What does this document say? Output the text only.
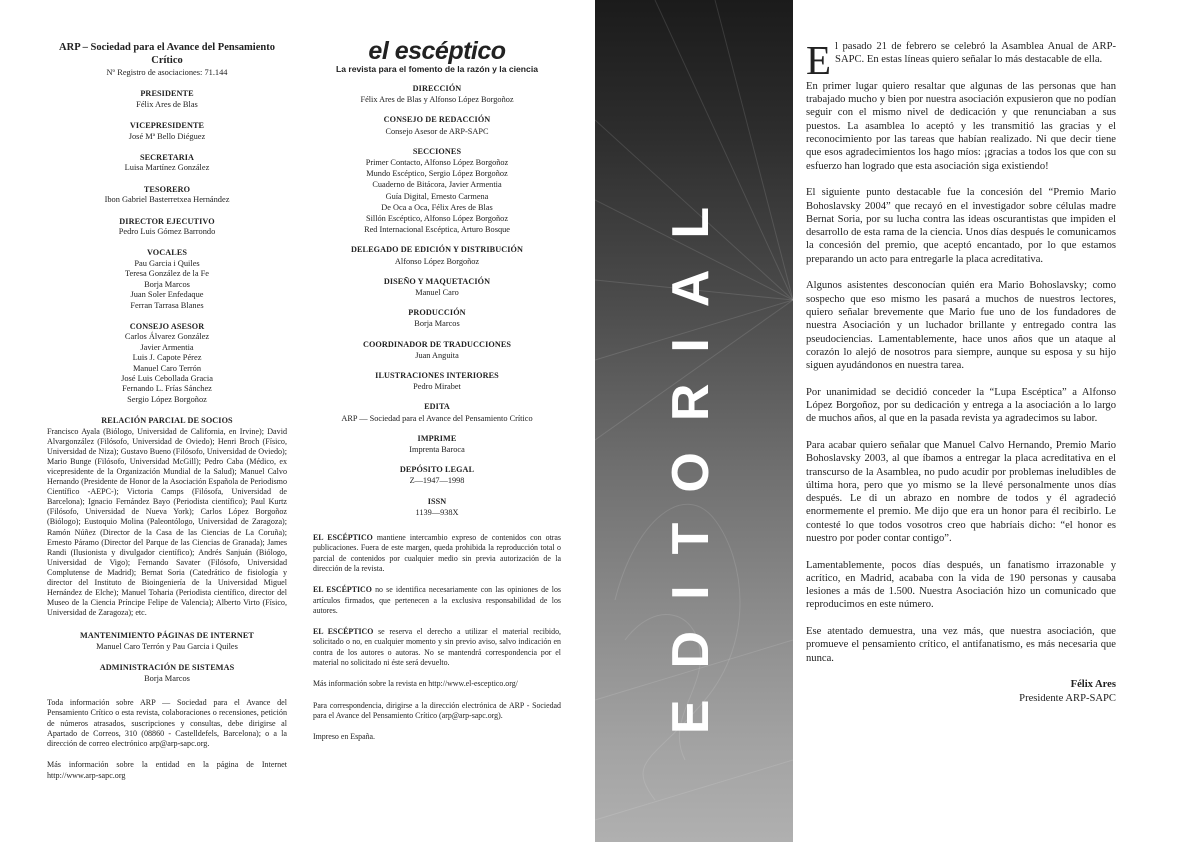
ARP – Sociedad para el Avance del Pensamiento Crítico

Nº Registro de asociaciones: 71.144

PRESIDENTE
Félix Ares de Blas
VICEPRESIDENTE
José Mª Bello Diéguez
SECRETARIA
Luisa Martínez González
TESORERO
Ibon Gabriel Basterretxea Hernández
DIRECTOR EJECUTIVO
Pedro Luis Gómez Barrondo
VOCALES
Pau Garcia i Quiles
Teresa González de la Fe
Borja Marcos
Juan Soler Enfedaque
Ferran Tarrasa Blanes
CONSEJO ASESOR
Carlos Álvarez González
Javier Armentia
Luis J. Capote Pérez
Manuel Caro Terrón
José Luis Cebollada Gracia
Fernando L. Frías Sánchez
Sergio López Borgoñoz
RELACIÓN PARCIAL DE SOCIOS
Francisco Ayala (Biólogo, Universidad de California, en Irvine); David Alvargonzález (Filósofo, Universidad de Oviedo); Henri Broch (Físico, Universidad de Niza); Gustavo Bueno (Filósofo, Universidad de Oviedo); Mario Bunge (Filósofo, Universidad McGill); Pedro Caba (Médico, ex vicepresidente de la Organización Mundial de la Salud); Manuel Calvo Hernando (Presidente de Honor de la Asociación Española de Periodismo Científico -AEPC-); Victoria Camps (Filósofa, Universidad de Barcelona); Ignacio Fernández Bayo (Periodista científico); Paul Kurtz (Filósofo, Universidad de Nueva York); Carlos López Borgoñoz (Biólogo); Eustoquio Molina (Paleontólogo, Universidad de Zaragoza); Ramón Núñez (Director de la Casa de las Ciencias de La Coruña); Ernesto Páramo (Director del Parque de las Ciencias de Granada); James Randi (Ilusionista y divulgador científico); Andrés Sanjuán (Biólogo, Universidad de Vigo); Fernando Savater (Filósofo, Universidad Complutense de Madrid); Bernat Soria (Catedrático de fisiología y director del Instituto de Bioingeniería de la Universidad Miguel Hernández de Elche); Manuel Toharia (Periodista científico, director del Museo de la Ciencia Príncipe Felipe de Valencia); Alberto Virto (Físico, Universidad de Zaragoza); etc.
MANTENIMIENTO PÁGINAS DE INTERNET
Manuel Caro Terrón y Pau Garcia i Quiles
ADMINISTRACIÓN DE SISTEMAS
Borja Marcos
Toda información sobre ARP — Sociedad para el Avance del Pensamiento Crítico o esta revista, colaboraciones o recensiones, petición de números atrasados, suscripciones y consultas, debe dirigirse al Apartado de Correos, 310 (08860 - Castelldefels, Barcelona); o a la dirección de correo electrónico arp@arp-sapc.org.
Más información sobre la entidad en la página de Internet http://www.arp-sapc.org

el escéptico

La revista para el fomento de la razón y la ciencia

DIRECCIÓN
Félix Ares de Blas y Alfonso López Borgoñoz
CONSEJO DE REDACCIÓN
Consejo Asesor de ARP-SAPC
SECCIONES
Primer Contacto, Alfonso López Borgoñoz
Mundo Escéptico, Sergio López Borgoñoz
Cuaderno de Bitácora, Javier Armentia
Guía Digital, Ernesto Carmena
De Oca a Oca, Félix Ares de Blas
Sillón Escéptico, Alfonso López Borgoñoz
Red Internacional Escéptica, Arturo Bosque
DELEGADO DE EDICIÓN Y DISTRIBUCIÓN
Alfonso López Borgoñoz
DISEÑO Y MAQUETACIÓN
Manuel Caro
PRODUCCIÓN
Borja Marcos
COORDINADOR DE TRADUCCIONES
Juan Anguita
ILUSTRACIONES INTERIORES
Pedro Mirabet
EDITA
ARP — Sociedad para el Avance del Pensamiento Crítico
IMPRIME
Imprenta Baroca
DEPÓSITO LEGAL
Z—1947—1998
ISSN
1139—938X

EL ESCÉPTICO mantiene intercambio expreso de contenidos con otras publicaciones. Fuera de este margen, queda prohibida la reproducción total o parcial de contenidos por cualquier medio sin previa autorización de la dirección de la revista.

EL ESCÉPTICO no se identifica necesariamente con las opiniones de los artículos firmados, que pertenecen a la exclusiva responsabilidad de los autores.

EL ESCÉPTICO se reserva el derecho a utilizar el material recibido, solicitado o no, en cualquier momento y sin previo aviso, salvo indicación en contra de los autores o autoras. No se mantendrá correspondencia por el material no solicitado ni éste será devuelto.

Más información sobre la revista en http://www.el-esceptico.org/

Para correspondencia, dirigirse a la dirección electrónica de ARP - Sociedad para el Avance del Pensamiento Crítico (arp@arp-sapc.org).

Impreso en España.

EDITORIAL

El pasado 21 de febrero se celebró la Asamblea Anual de ARP-SAPC. En estas líneas quiero señalar lo más destacable de ella.

En primer lugar quiero resaltar que algunas de las personas que han trabajado mucho y bien por nuestra asociación expusieron que no podían seguir con el mismo nivel de dedicación y que renunciaban a sus puestos. La asamblea lo aceptó y les transmitió las gracias y el reconocimiento por las tareas que habían realizado. Ni que decir tiene que esos agradecimientos los hago míos: ¡gracias a todos los que con su esfuerzo han logrado que esta asociación siga existiendo!

El siguiente punto destacable fue la concesión del “Premio Mario Bohoslavsky 2004” que recayó en el investigador sobre células madre Bernat Soria, por su lucha contra las ideas oscurantistas que impiden el desarrollo de esta rama de la ciencia. Unos días después le comunicamos la concesión del premio, que aceptó encantado, por lo que estamos preparando un acto para entregarle la placa acreditativa.

Algunos asistentes desconocían quién era Mario Bohoslavsky; como sospecho que eso mismo les pasará a muchos de nuestros lectores, quiero señalar brevemente que Mario fue uno de los fundadores de nuestra Asociación y un luchador brillante y entregado contra las pseudociencias. Lamentablemente, hace unos años que un ataque al corazón lo alejó de nosotros para siempre, aunque su esposa y su hijo siguen ayudándonos en nuestra tarea.

Por unanimidad se decidió conceder la “Lupa Escéptica” a Alfonso López Borgoñoz, por su dedicación y entrega a la asociación a lo largo de muchos años, al que en la pasada revista ya agradecimos su labor.

Para acabar quiero señalar que Manuel Calvo Hernando, Premio Mario Bohoslavsky 2003, al que íbamos a entregar la placa acreditativa en el transcurso de la Asamblea, no pudo acudir por problemas ineludibles de última hora, pero que yo mismo se la llevé personalmente unos días después. Le di un abrazo en nombre de todos y él agradeció enormemente el premio. Me dijo que era un honor para él recibirlo. Le contesté lo que todos vosotros creo que habríais dicho: “el honor es nuestro por poder contar contigo”.

Lamentablemente, pocos días después, un fanatismo irrazonable y acrítico, en Madrid, acababa con la vida de 190 personas y causaba lesiones a más de 1.500. Nuestra Asociación hizo un comunicado que reproducimos en este número.

Ese atentado demuestra, una vez más, que nuestra asociación, que promueve el pensamiento crítico, el antifanatismo, es más necesaria que nunca.

Félix Ares
Presidente ARP-SAPC
